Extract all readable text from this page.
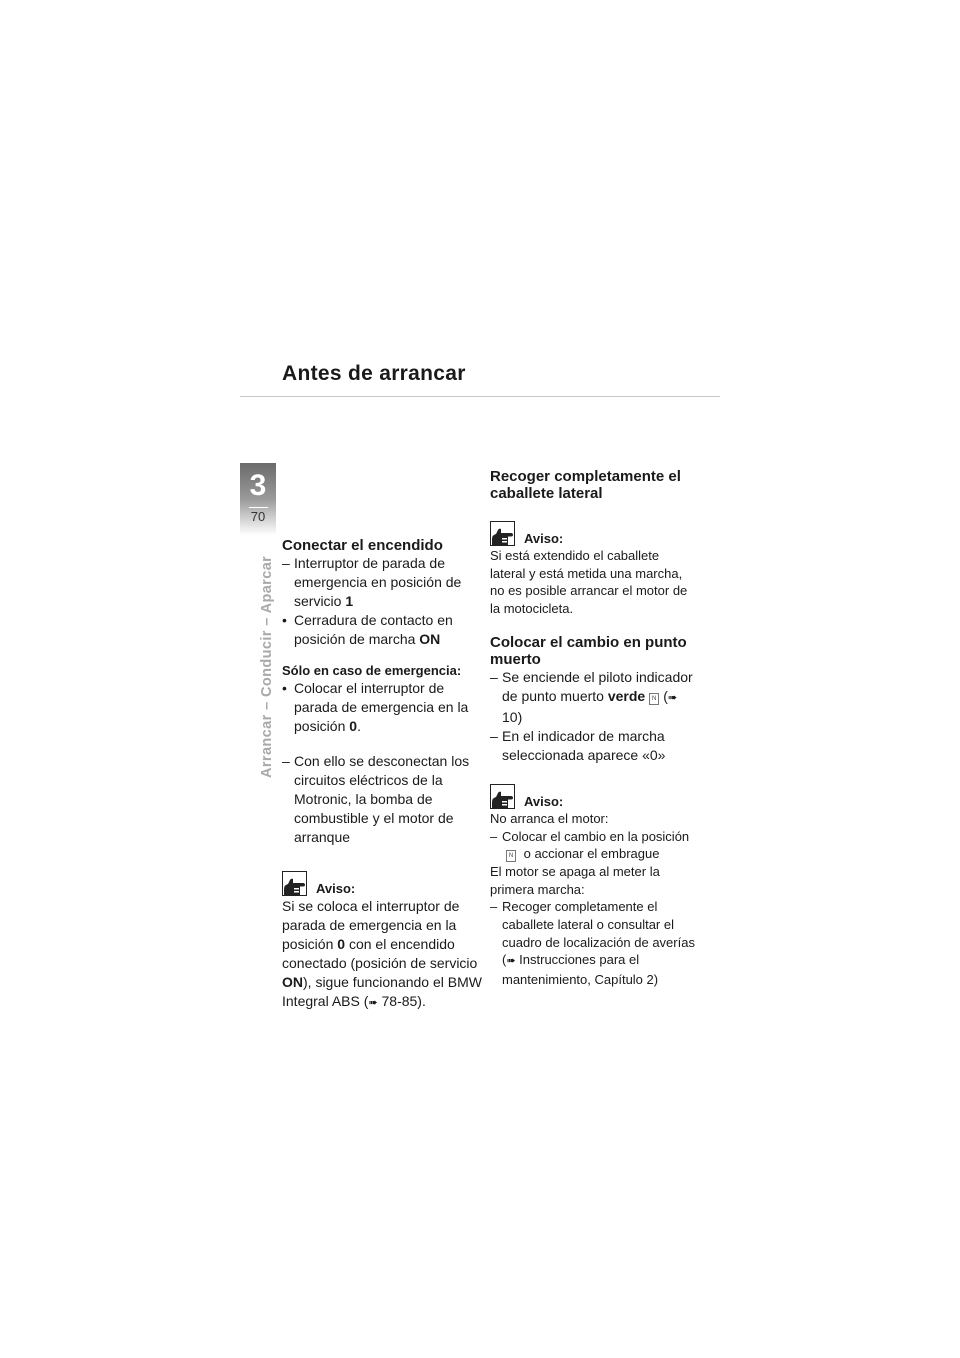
Antes de arrancar
3
70
Arrancar – Conducir – Aparcar
Conectar el encendido
– Interruptor de parada de emergencia en posición de servicio 1
• Cerradura de contacto en posición de marcha ON
Sólo en caso de emergencia:
• Colocar el interruptor de parada de emergencia en la posición 0.
– Con ello se desconectan los circuitos eléctricos de la Motronic, la bomba de combustible y el motor de arranque
Aviso:

Si se coloca el interruptor de parada de emergencia en la posición 0 con el encendido conectado (posición de servicio ON), sigue funcionando el BMW Integral ABS (➠ 78-85).

Recoger completamente el caballete lateral
Aviso:

Si está extendido el caballete lateral y está metida una marcha, no es posible arrancar el motor de la motocicleta.

Colocar el cambio en punto muerto
– Se enciende el piloto indicador de punto muerto verde N (➠ 10)
– En el indicador de marcha seleccionada aparece «0»
Aviso:

No arranca el motor:

– Colocar el cambio en la posición N o accionar el embrague

El motor se apaga al meter la primera marcha:

– Recoger completamente el caballete lateral o consultar el cuadro de localización de averías (➠ Instrucciones para el mantenimiento, Capítulo 2)
